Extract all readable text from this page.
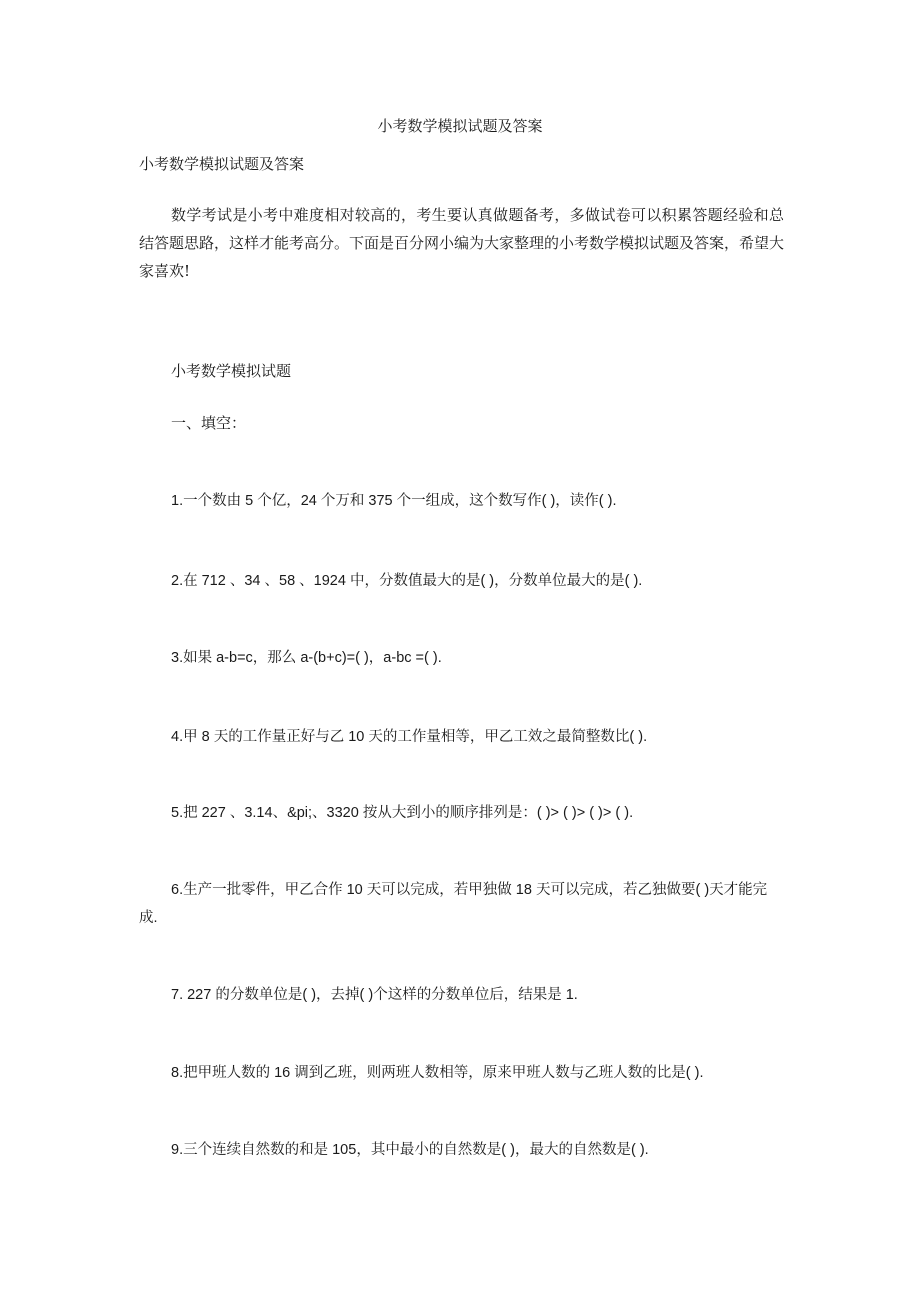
小考数学模拟试题及答案
小考数学模拟试题及答案
数学考试是小考中难度相对较高的，考生要认真做题备考，多做试卷可以积累答题经验和总结答题思路，这样才能考高分。下面是百分网小编为大家整理的小考数学模拟试题及答案，希望大家喜欢!
小考数学模拟试题
一、填空：
1.一个数由 5 个亿，24 个万和 375 个一组成，这个数写作( )，读作( ).
2.在 712 、34 、58 、1924 中，分数值最大的是( )，分数单位最大的是( ).
3.如果 a-b=c，那么 a-(b+c)=( )，a-bc =( ).
4.甲 8 天的工作量正好与乙 10 天的工作量相等，甲乙工效之最简整数比( ).
5.把 227 、3.14、&pi;、3320 按从大到小的顺序排列是：( )> ( )> ( )> ( ).
6.生产一批零件，甲乙合作 10 天可以完成，若甲独做 18 天可以完成，若乙独做要( )天才能完成.
7. 227 的分数单位是( )，去掉( )个这样的分数单位后，结果是 1.
8.把甲班人数的 16 调到乙班，则两班人数相等，原来甲班人数与乙班人数的比是( ).
9.三个连续自然数的和是 105，其中最小的自然数是( )，最大的自然数是( ).
